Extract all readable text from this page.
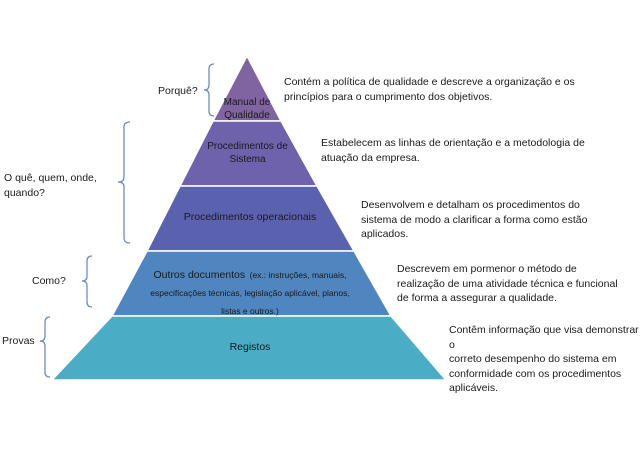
Manual de
Qualidade
Procedimentos de
Sistema
Procedimentos operacionais
Outros documentos (ex.: instruções, manuais,
especificações técnicas, legislação aplicável, planos,
listas e outros.)
Registos
Contém a política de qualidade e descreve a organização e os
princípios para o cumprimento dos objetivos.
Estabelecem as linhas de orientação e a metodologia de
atuação da empresa.
Desenvolvem e detalham os procedimentos do
sistema de modo a clarificar a forma como estão
aplicados.
Descrevem em pormenor o método de
realização de uma atividade técnica e funcional
de forma a assegurar a qualidade.
Contêm informação que visa demonstrar o
correto desempenho do sistema em
conformidade com os procedimentos
aplicáveis.
Porquê?
O quê, quem, onde,
quando?
Como?
Provas
